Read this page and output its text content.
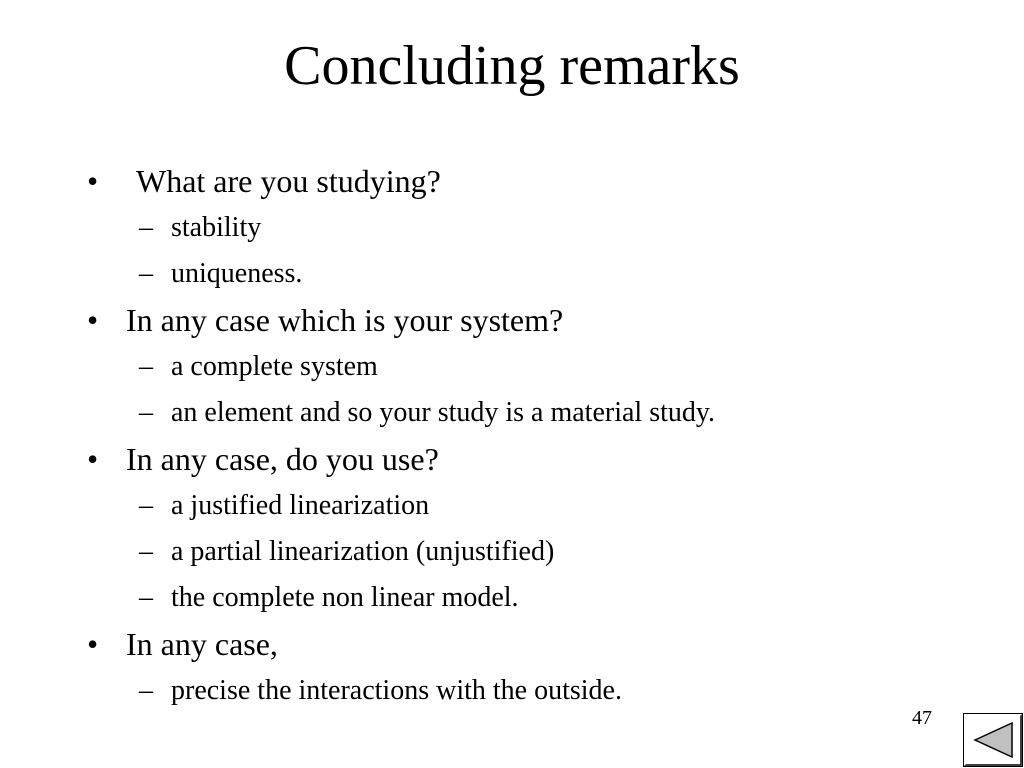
Concluding remarks
•	What are you studying?
– stability
– uniqueness.
• In any case which is your system?
– a complete system
– an element and so your study is a material study.
• In any case, do you use?
– a justified linearization
– a partial linearization (unjustified)
– the complete non linear model.
• In any case,
– precise the interactions with the outside.
47
